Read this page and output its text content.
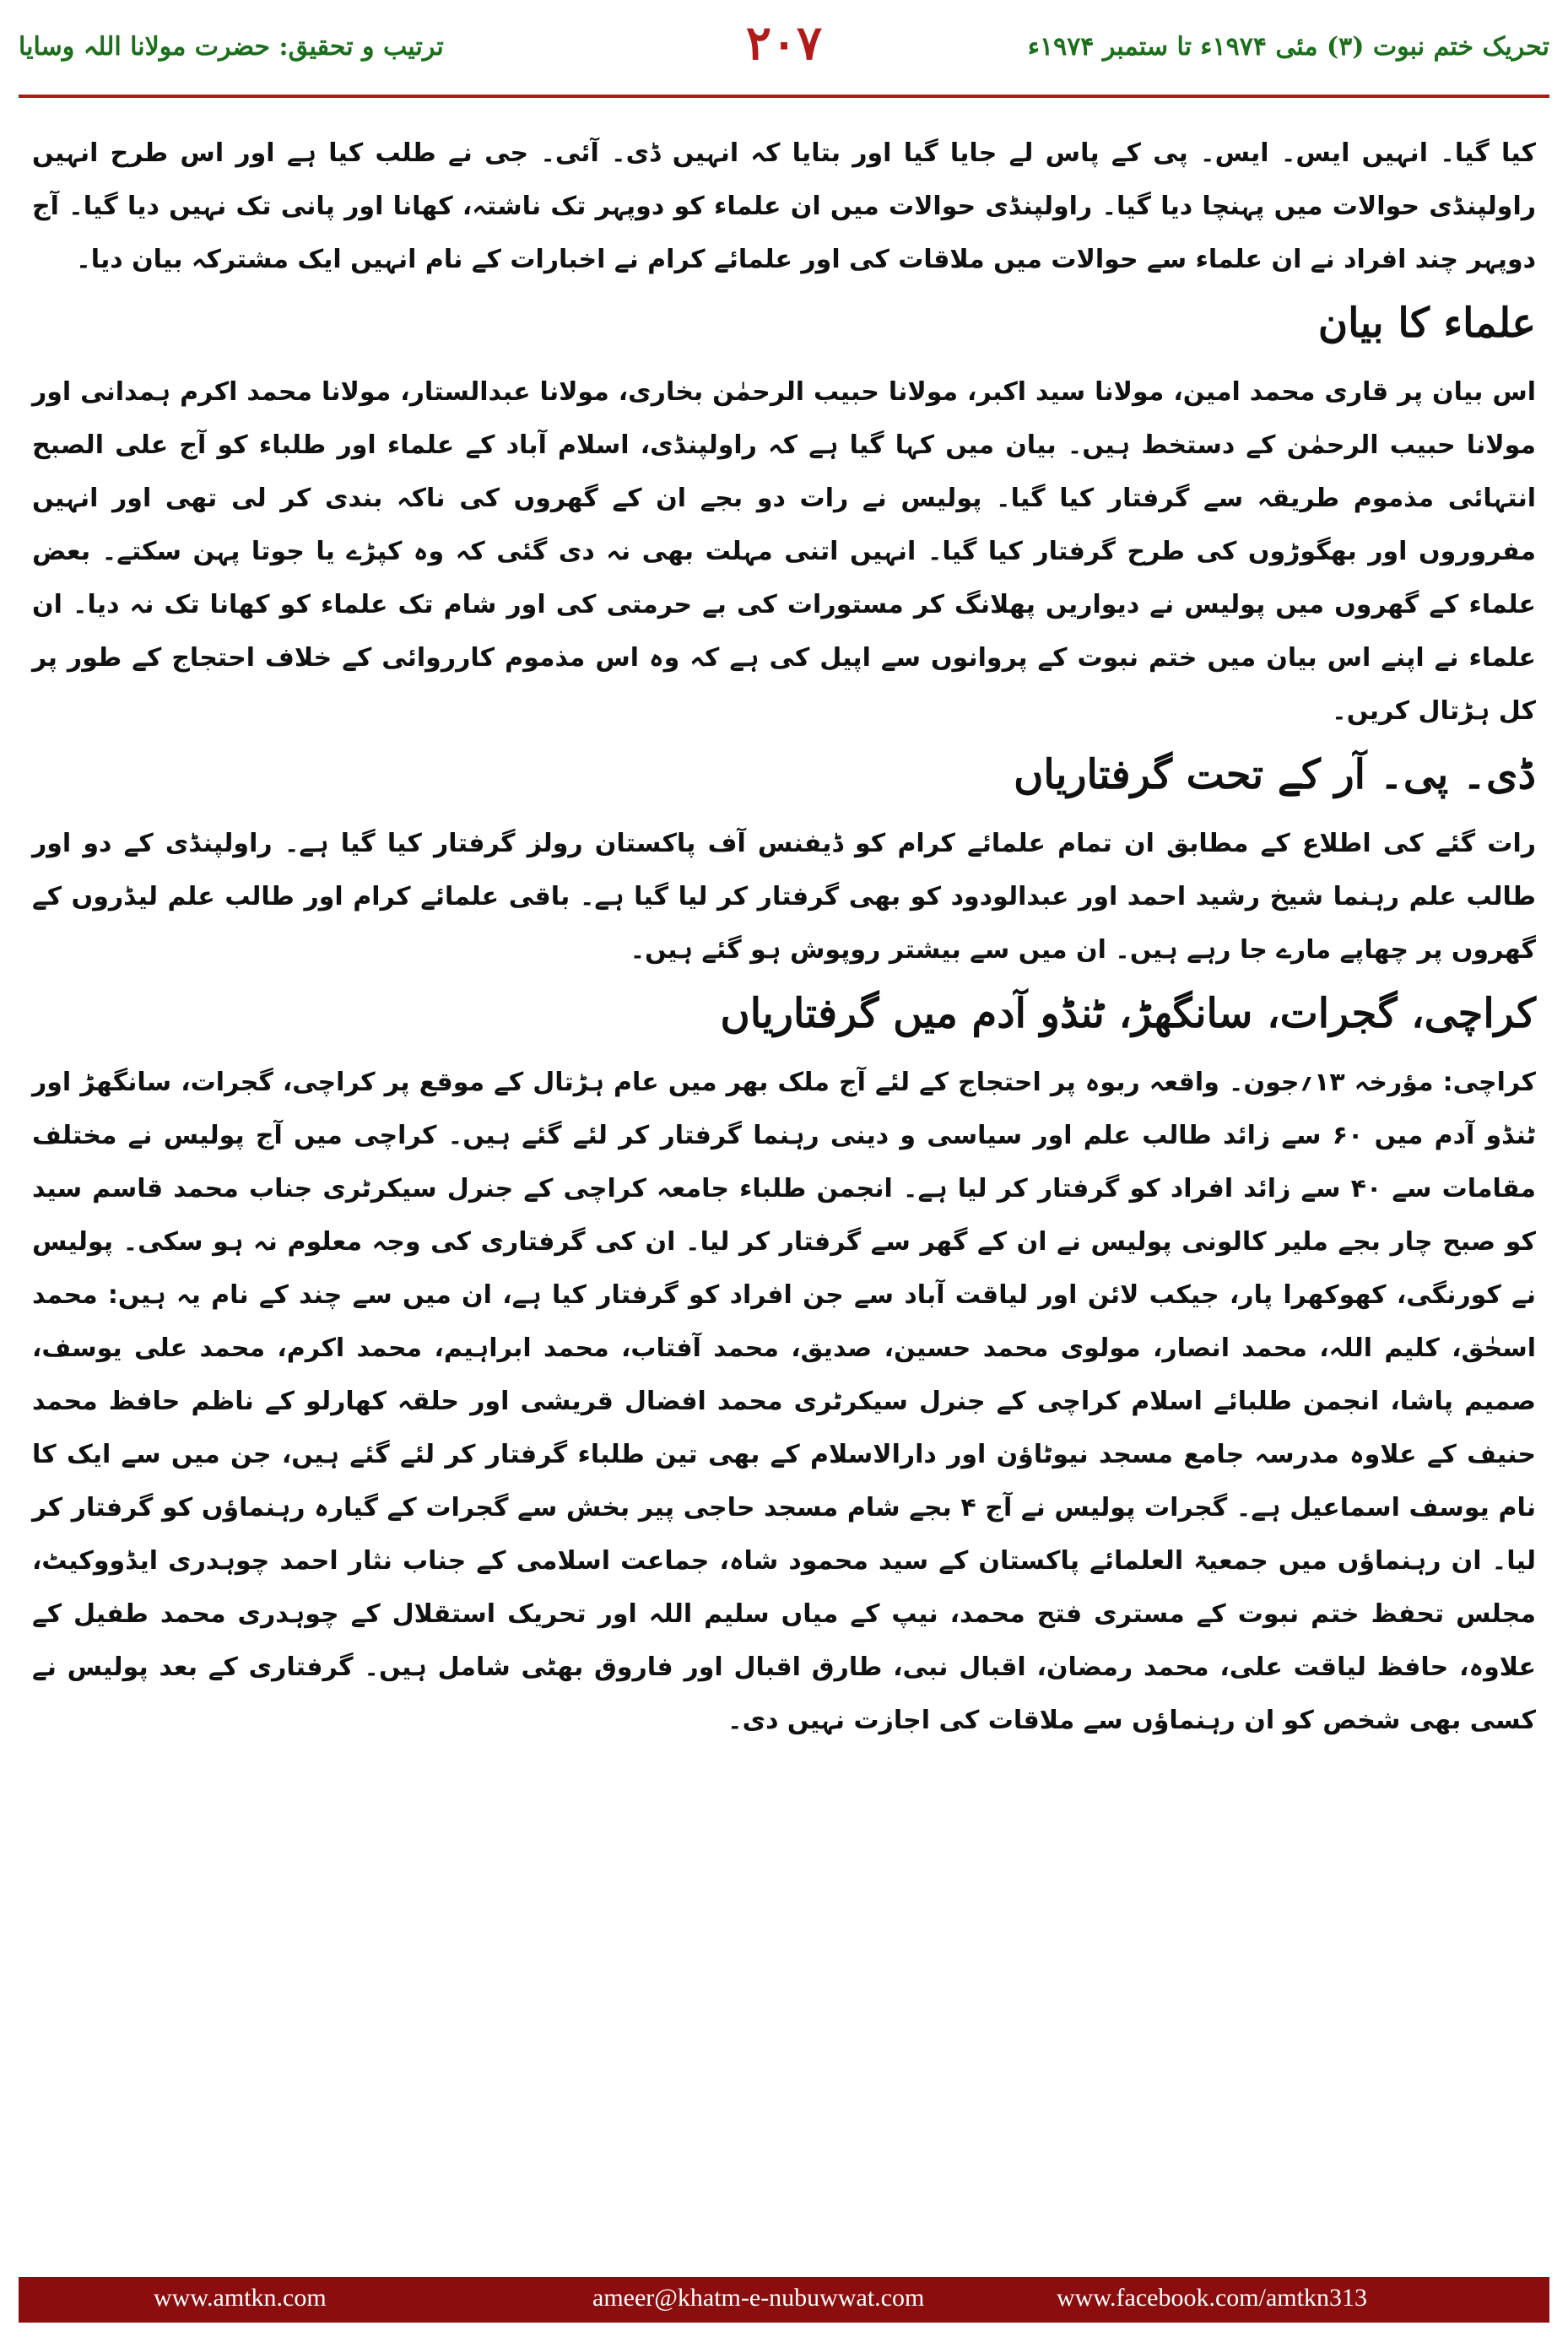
تحریک ختم نبوت (۳) مئی ۱۹۷۴ء تا ستمبر ۱۹۷۴ء
۲۰۷
ترتیب و تحقیق: حضرت مولانا اللہ وسایا

کیا گیا۔ انہیں ایس۔ ایس۔ پی کے پاس لے جایا گیا اور بتایا کہ انہیں ڈی۔ آئی۔ جی نے طلب کیا ہے اور اس طرح انہیں راولپنڈی حوالات میں پہنچا دیا گیا۔ راولپنڈی حوالات میں ان علماء کو دوپہر تک ناشتہ، کھانا اور پانی تک نہیں دیا گیا۔ آج دوپہر چند افراد نے ان علماء سے حوالات میں ملاقات کی اور علمائے کرام نے اخبارات کے نام انہیں ایک مشترکہ بیان دیا۔

علماء کا بیان

اس بیان پر قاری محمد امین، مولانا سید اکبر، مولانا حبیب الرحمٰن بخاری، مولانا عبدالستار، مولانا محمد اکرم ہمدانی اور مولانا حبیب الرحمٰن کے دستخط ہیں۔ بیان میں کہا گیا ہے کہ راولپنڈی، اسلام آباد کے علماء اور طلباء کو آج علی الصبح انتہائی مذموم طریقہ سے گرفتار کیا گیا۔ پولیس نے رات دو بجے ان کے گھروں کی ناکہ بندی کر لی تھی اور انہیں مفروروں اور بھگوڑوں کی طرح گرفتار کیا گیا۔ انہیں اتنی مہلت بھی نہ دی گئی کہ وہ کپڑے یا جوتا پہن سکتے۔ بعض علماء کے گھروں میں پولیس نے دیواریں پھلانگ کر مستورات کی بے حرمتی کی اور شام تک علماء کو کھانا تک نہ دیا۔ ان علماء نے اپنے اس بیان میں ختم نبوت کے پروانوں سے اپیل کی ہے کہ وہ اس مذموم کارروائی کے خلاف احتجاج کے طور پر کل ہڑتال کریں۔

ڈی۔ پی۔ آر کے تحت گرفتاریاں

رات گئے کی اطلاع کے مطابق ان تمام علمائے کرام کو ڈیفنس آف پاکستان رولز گرفتار کیا گیا ہے۔ راولپنڈی کے دو اور طالب علم رہنما شیخ رشید احمد اور عبدالودود کو بھی گرفتار کر لیا گیا ہے۔ باقی علمائے کرام اور طالب علم لیڈروں کے گھروں پر چھاپے مارے جا رہے ہیں۔ ان میں سے بیشتر روپوش ہو گئے ہیں۔

کراچی، گجرات، سانگھڑ، ٹنڈو آدم میں گرفتاریاں

کراچی: مؤرخہ ۱۳؍جون۔ واقعہ ربوہ پر احتجاج کے لئے آج ملک بھر میں عام ہڑتال کے موقع پر کراچی، گجرات، سانگھڑ اور ٹنڈو آدم میں ۶۰ سے زائد طالب علم اور سیاسی و دینی رہنما گرفتار کر لئے گئے ہیں۔ کراچی میں آج پولیس نے مختلف مقامات سے ۴۰ سے زائد افراد کو گرفتار کر لیا ہے۔ انجمن طلباء جامعہ کراچی کے جنرل سیکرٹری جناب محمد قاسم سید کو صبح چار بجے ملیر کالونی پولیس نے ان کے گھر سے گرفتار کر لیا۔ ان کی گرفتاری کی وجہ معلوم نہ ہو سکی۔ پولیس نے کورنگی، کھوکھرا پار، جیکب لائن اور لیاقت آباد سے جن افراد کو گرفتار کیا ہے، ان میں سے چند کے نام یہ ہیں: محمد اسحٰق، کلیم اللہ، محمد انصار، مولوی محمد حسین، صدیق، محمد آفتاب، محمد ابراہیم، محمد اکرم، محمد علی یوسف، صمیم پاشا، انجمن طلبائے اسلام کراچی کے جنرل سیکرٹری محمد افضال قریشی اور حلقہ کھارلو کے ناظم حافظ محمد حنیف کے علاوہ مدرسہ جامع مسجد نیوٹاؤن اور دارالاسلام کے بھی تین طلباء گرفتار کر لئے گئے ہیں، جن میں سے ایک کا نام یوسف اسماعیل ہے۔ گجرات پولیس نے آج ۴ بجے شام مسجد حاجی پیر بخش سے گجرات کے گیارہ رہنماؤں کو گرفتار کر لیا۔ ان رہنماؤں میں جمعیۃ العلمائے پاکستان کے سید محمود شاہ، جماعت اسلامی کے جناب نثار احمد چوہدری ایڈووکیٹ، مجلس تحفظ ختم نبوت کے مستری فتح محمد، نیپ کے میاں سلیم اللہ اور تحریک استقلال کے چوہدری محمد طفیل کے علاوہ، حافظ لیاقت علی، محمد رمضان، اقبال نبی، طارق اقبال اور فاروق بھٹی شامل ہیں۔ گرفتاری کے بعد پولیس نے کسی بھی شخص کو ان رہنماؤں سے ملاقات کی اجازت نہیں دی۔

www.amtkn.com	ameer@khatm-e-nubuwwat.com	www.facebook.com/amtkn313
